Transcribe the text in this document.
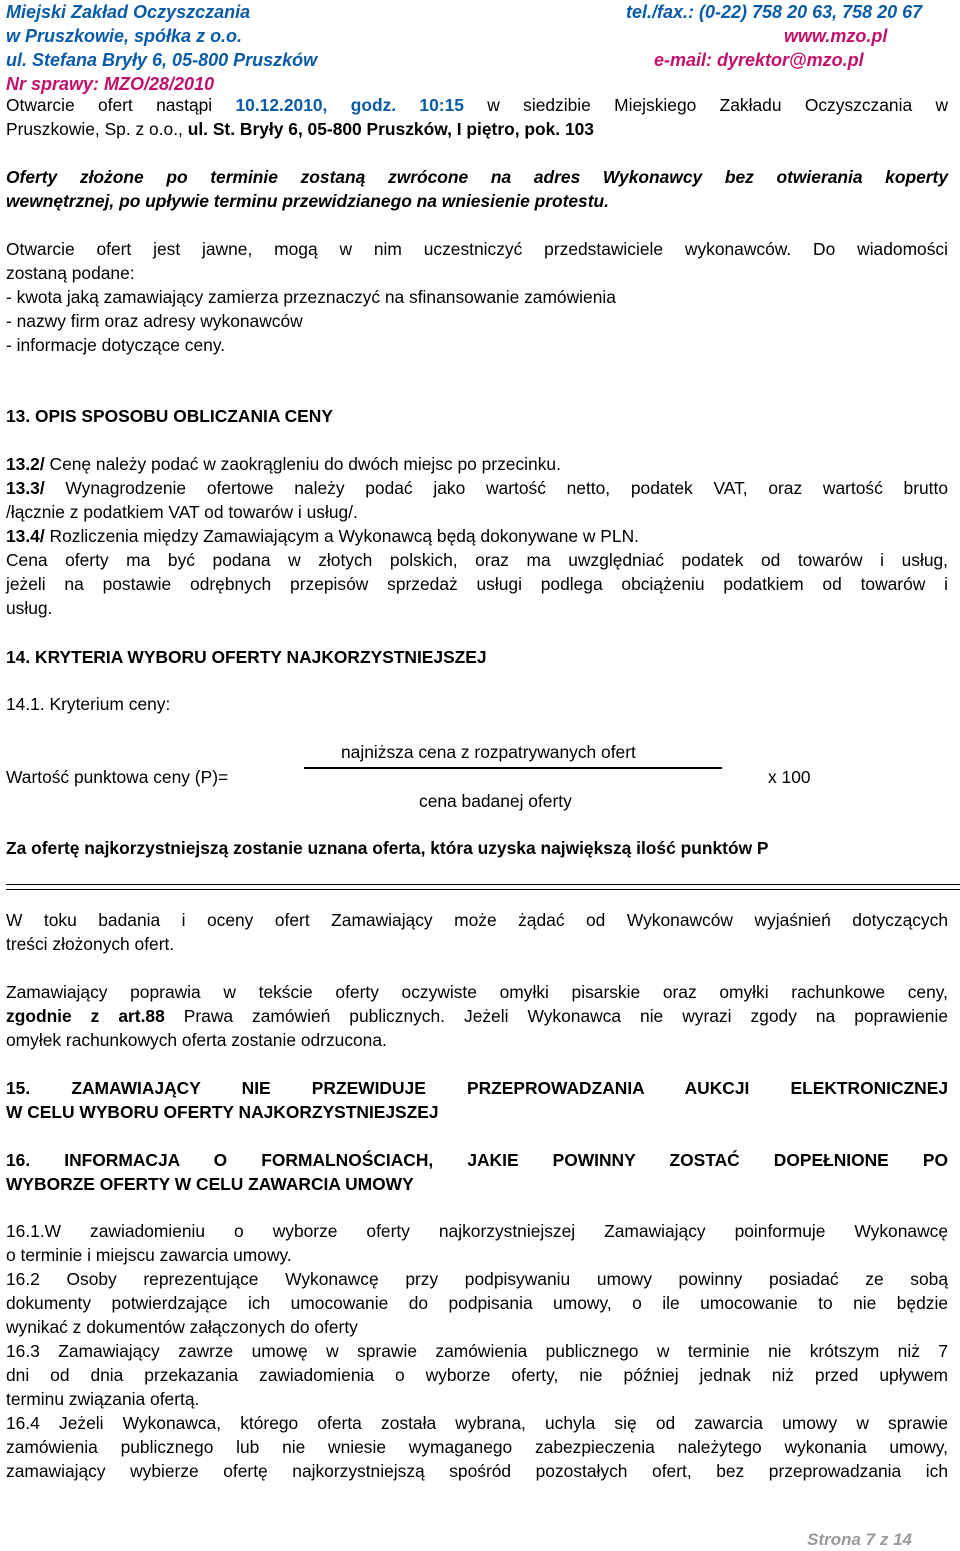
Miejski Zakład Oczyszczania
w Pruszkowie, spółka z o.o.
ul. Stefana Bryły 6, 05-800 Pruszków
Nr sprawy: MZO/28/2010
tel./fax.: (0-22) 758 20 63, 758 20 67
www.mzo.pl
e-mail: dyrektor@mzo.pl
Otwarcie ofert nastąpi 10.12.2010, godz. 10:15 w siedzibie Miejskiego Zakładu Oczyszczania w
Pruszkowie, Sp. z o.o., ul. St. Bryły 6, 05-800 Pruszków, I piętro, pok. 103
Oferty złożone po terminie zostaną zwrócone na adres Wykonawcy bez otwierania koperty
wewnętrznej, po upływie terminu przewidzianego na wniesienie protestu.
Otwarcie ofert jest jawne, mogą w nim uczestniczyć przedstawiciele wykonawców. Do wiadomości
zostaną podane:
- kwota jaką zamawiający zamierza przeznaczyć na sfinansowanie zamówienia
- nazwy firm oraz adresy wykonawców
- informacje dotyczące ceny.
13. OPIS SPOSOBU OBLICZANIA CENY
13.2/ Cenę należy podać w zaokrągleniu do dwóch miejsc po przecinku.
13.3/ Wynagrodzenie ofertowe należy podać jako wartość netto, podatek VAT, oraz wartość brutto
/łącznie z podatkiem VAT od towarów i usług/.
13.4/ Rozliczenia między Zamawiającym a Wykonawcą będą dokonywane w PLN.
Cena oferty ma być podana w złotych polskich, oraz ma uwzględniać podatek od towarów i usług,
jeżeli na postawie odrębnych przepisów sprzedaż usługi podlega obciążeniu podatkiem od towarów i
usług.
14. KRYTERIA WYBORU OFERTY NAJKORZYSTNIEJSZEJ
14.1. Kryterium ceny:
najniższa cena z rozpatrywanych ofert
Wartość punktowa ceny (P)=	x 100
cena badanej oferty
Za ofertę najkorzystniejszą zostanie uznana oferta, która uzyska największą ilość punktów P
W toku badania i oceny ofert Zamawiający może żądać od Wykonawców wyjaśnień dotyczących
treści złożonych ofert.
Zamawiający poprawia w tekście oferty oczywiste omyłki pisarskie oraz omyłki rachunkowe ceny,
zgodnie z art.88 Prawa zamówień publicznych. Jeżeli Wykonawca nie wyrazi zgody na poprawienie
omyłek rachunkowych oferta zostanie odrzucona.
15. ZAMAWIAJĄCY NIE PRZEWIDUJE PRZEPROWADZANIA AUKCJI ELEKTRONICZNEJ
W CELU WYBORU OFERTY NAJKORZYSTNIEJSZEJ
16. INFORMACJA O FORMALNOŚCIACH, JAKIE POWINNY ZOSTAĆ DOPEŁNIONE PO
WYBORZE OFERTY W CELU ZAWARCIA UMOWY
16.1.W zawiadomieniu o wyborze oferty najkorzystniejszej Zamawiający poinformuje Wykonawcę
o terminie i miejscu zawarcia umowy.
16.2 Osoby reprezentujące Wykonawcę przy podpisywaniu umowy powinny posiadać ze sobą
dokumenty potwierdzające ich umocowanie do podpisania umowy, o ile umocowanie to nie będzie
wynikać z dokumentów załączonych do oferty
16.3 Zamawiający zawrze umowę w sprawie zamówienia publicznego w terminie nie krótszym niż 7
dni od dnia przekazania zawiadomienia o wyborze oferty, nie później jednak niż przed upływem
terminu związania ofertą.
16.4 Jeżeli Wykonawca, którego oferta została wybrana, uchyla się od zawarcia umowy w sprawie
zamówienia publicznego lub nie wniesie wymaganego zabezpieczenia należytego wykonania umowy,
zamawiający wybierze ofertę najkorzystniejszą spośród pozostałych ofert, bez przeprowadzania ich
Strona 7 z 14
